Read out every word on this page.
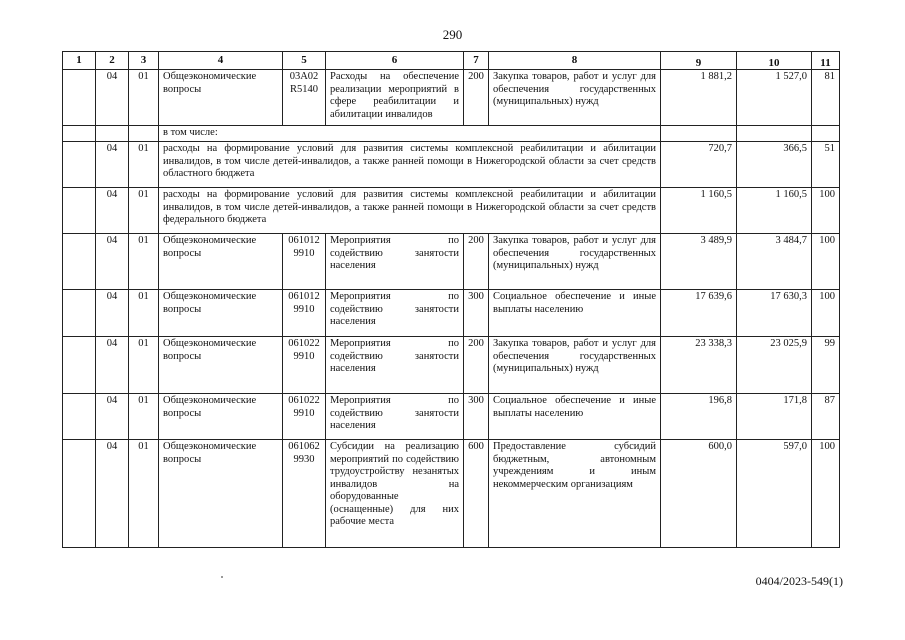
290
1	2	3	4	5	6	7	8	9	10	11
	04	01	Общеэкономические вопросы	03А02 R5140	Расходы на обеспечение реализации мероприятий в сфере реабилитации и абилитации инвалидов	200	Закупка товаров, работ и услуг для обеспечения государственных (муниципальных) нужд	1 881,2	1 527,0	81
			в том числе:							
	04	01	расходы на формирование условий для развития системы комплексной реабилитации и абилитации инвалидов, в том числе детей-инвалидов, а также ранней помощи в Нижегородской области за счет средств областного бюджета					720,7	366,5	51
	04	01	расходы на формирование условий для развития системы комплексной реабилитации и абилитации инвалидов, в том числе детей-инвалидов, а также ранней помощи в Нижегородской области за счет средств федерального бюджета					1 160,5	1 160,5	100
	04	01	Общеэкономические вопросы	061012 9910	Мероприятия по содействию занятости населения	200	Закупка товаров, работ и услуг для обеспечения государственных (муниципальных) нужд	3 489,9	3 484,7	100
	04	01	Общеэкономические вопросы	061012 9910	Мероприятия по содействию занятости населения	300	Социальное обеспечение и иные выплаты населению	17 639,6	17 630,3	100
	04	01	Общеэкономические вопросы	061022 9910	Мероприятия по содействию занятости населения	200	Закупка товаров, работ и услуг для обеспечения государственных (муниципальных) нужд	23 338,3	23 025,9	99
	04	01	Общеэкономические вопросы	061022 9910	Мероприятия по содействию занятости населения	300	Социальное обеспечение и иные выплаты населению	196,8	171,8	87
	04	01	Общеэкономические вопросы	061062 9930	Субсидии на реализацию мероприятий по содействию трудоустройству незанятых инвалидов на оборудованные (оснащенные) для них рабочие места	600	Предоставление субсидий бюджетным, автономным учреждениям и иным некоммерческим организациям	600,0	597,0	100
0404/2023-549(1)
